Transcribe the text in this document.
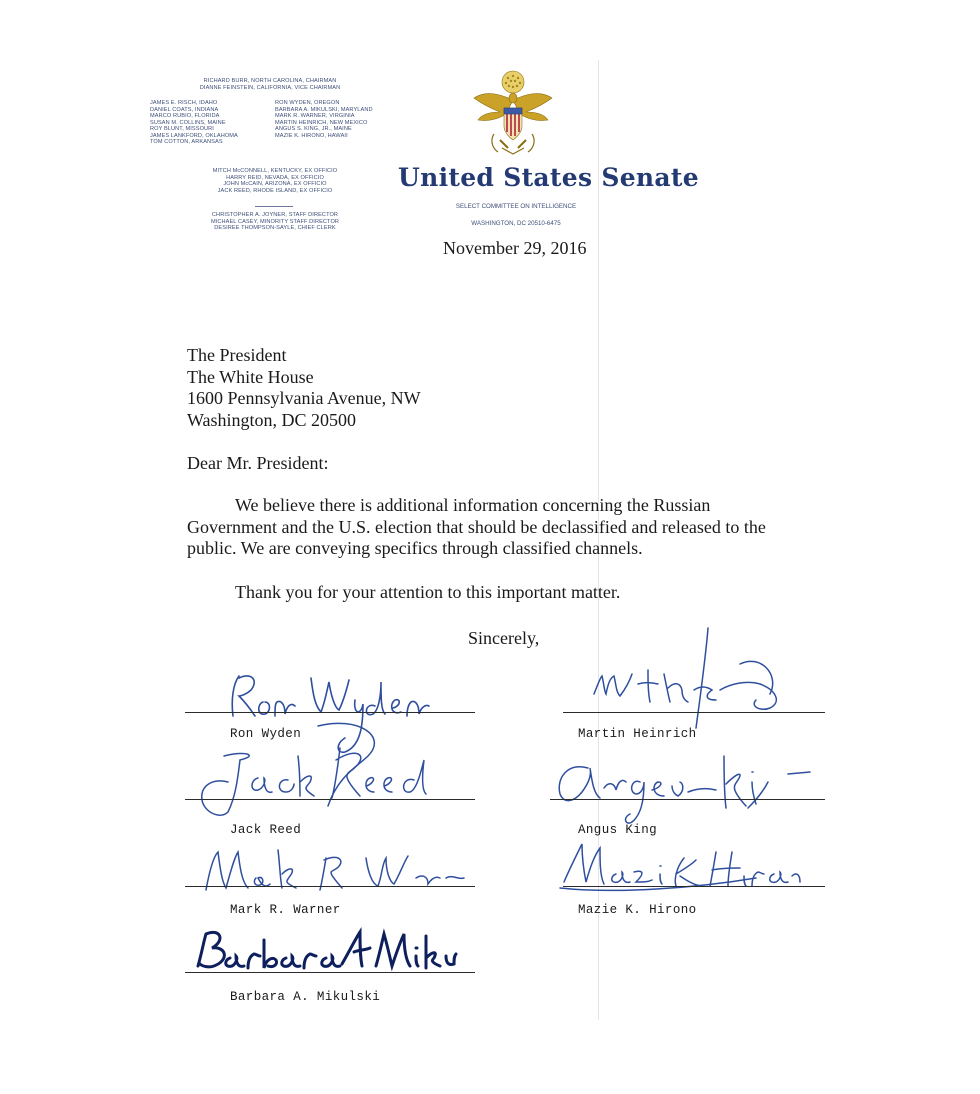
RICHARD BURR, NORTH CAROLINA, CHAIRMAN
DIANNE FEINSTEIN, CALIFORNIA, VICE CHAIRMAN
JAMES E. RISCH, IDAHO
DANIEL COATS, INDIANA
MARCO RUBIO, FLORIDA
SUSAN M. COLLINS, MAINE
ROY BLUNT, MISSOURI
JAMES LANKFORD, OKLAHOMA
TOM COTTON, ARKANSAS
RON WYDEN, OREGON
BARBARA A. MIKULSKI, MARYLAND
MARK R. WARNER, VIRGINIA
MARTIN HEINRICH, NEW MEXICO
ANGUS S. KING, JR., MAINE
MAZIE K. HIRONO, HAWAII
MITCH McCONNELL, KENTUCKY, EX OFFICIO
HARRY REID, NEVADA, EX OFFICIO
JOHN McCAIN, ARIZONA, EX OFFICIO
JACK REED, RHODE ISLAND, EX OFFICIO
CHRISTOPHER A. JOYNER, STAFF DIRECTOR
MICHAEL CASEY, MINORITY STAFF DIRECTOR
DESIREE THOMPSON-SAYLE, CHIEF CLERK
United States Senate
SELECT COMMITTEE ON INTELLIGENCE
WASHINGTON, DC 20510-6475
November 29, 2016
The President
The White House
1600 Pennsylvania Avenue, NW
Washington, DC 20500
Dear Mr. President:
We believe there is additional information concerning the Russian
Government and the U.S. election that should be declassified and released to the
public. We are conveying specifics through classified channels.
Thank you for your attention to this important matter.
Sincerely,
Ron Wyden
Jack Reed
Mark R. Warner
Barbara A. Mikulski
Martin Heinrich
Angus King
Mazie K. Hirono
